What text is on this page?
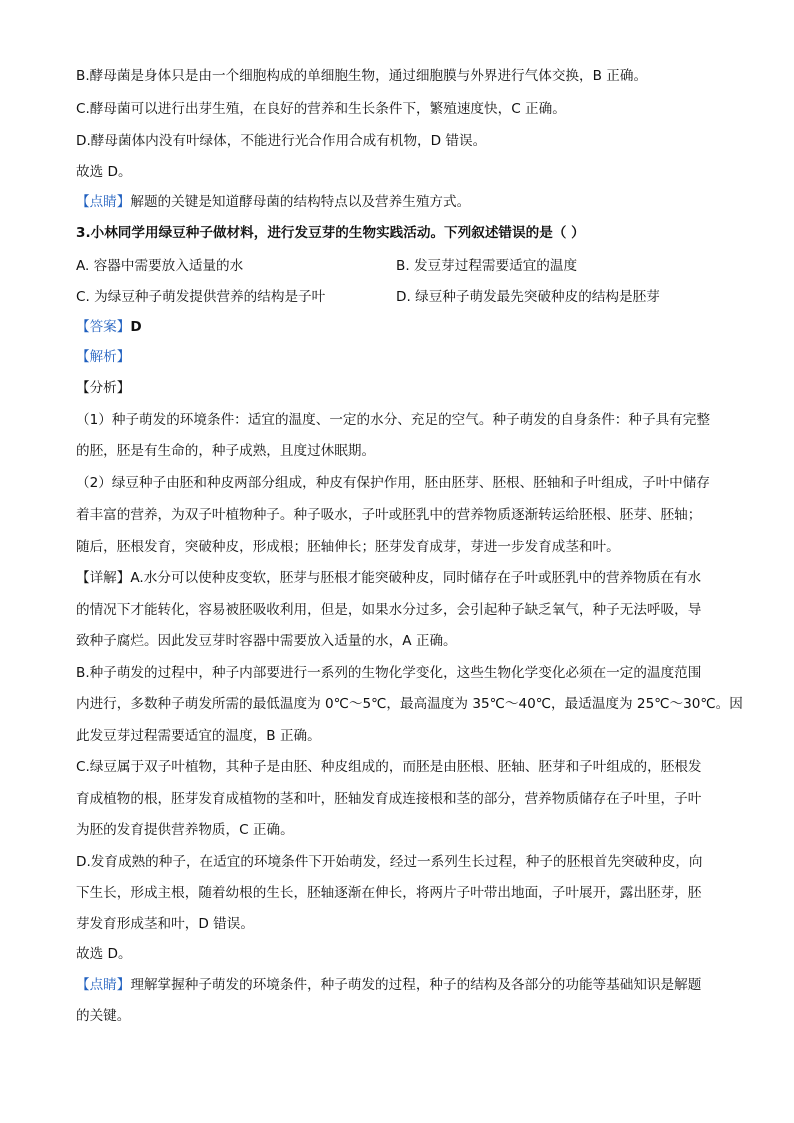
B.酵母菌是身体只是由一个细胞构成的单细胞生物，通过细胞膜与外界进行气体交换，B 正确。
C.酵母菌可以进行出芽生殖，在良好的营养和生长条件下，繁殖速度快，C 正确。
D.酵母菌体内没有叶绿体，不能进行光合作用合成有机物，D 错误。
故选 D。
【点睛】解题的关键是知道酵母菌的结构特点以及营养生殖方式。
3.小林同学用绿豆种子做材料，进行发豆芽的生物实践活动。下列叙述错误的是（ ）
A. 容器中需要放入适量的水	B. 发豆芽过程需要适宜的温度
C. 为绿豆种子萌发提供营养的结构是子叶	D. 绿豆种子萌发最先突破种皮的结构是胚芽
【答案】D
【解析】
【分析】
（1）种子萌发的环境条件：适宜的温度、一定的水分、充足的空气。种子萌发的自身条件：种子具有完整
的胚，胚是有生命的，种子成熟，且度过休眠期。
（2）绿豆种子由胚和种皮两部分组成，种皮有保护作用，胚由胚芽、胚根、胚轴和子叶组成，子叶中储存
着丰富的营养，为双子叶植物种子。种子吸水，子叶或胚乳中的营养物质逐渐转运给胚根、胚芽、胚轴；
随后，胚根发育，突破种皮，形成根；胚轴伸长；胚芽发育成芽，芽进一步发育成茎和叶。
【详解】A.水分可以使种皮变软，胚芽与胚根才能突破种皮，同时储存在子叶或胚乳中的营养物质在有水
的情况下才能转化，容易被胚吸收利用，但是，如果水分过多，会引起种子缺乏氧气，种子无法呼吸，导
致种子腐烂。因此发豆芽时容器中需要放入适量的水，A 正确。
B.种子萌发的过程中，种子内部要进行一系列的生物化学变化，这些生物化学变化必须在一定的温度范围
内进行，多数种子萌发所需的最低温度为 0℃～5℃，最高温度为 35℃～40℃，最适温度为 25℃～30℃。因
此发豆芽过程需要适宜的温度，B 正确。
C.绿豆属于双子叶植物，其种子是由胚、种皮组成的，而胚是由胚根、胚轴、胚芽和子叶组成的，胚根发
育成植物的根，胚芽发育成植物的茎和叶，胚轴发育成连接根和茎的部分，营养物质储存在子叶里，子叶
为胚的发育提供营养物质，C 正确。
D.发育成熟的种子，在适宜的环境条件下开始萌发，经过一系列生长过程，种子的胚根首先突破种皮，向
下生长，形成主根，随着幼根的生长，胚轴逐渐在伸长，将两片子叶带出地面，子叶展开，露出胚芽，胚
芽发育形成茎和叶，D 错误。
故选 D。
【点睛】理解掌握种子萌发的环境条件，种子萌发的过程，种子的结构及各部分的功能等基础知识是解题
的关键。
